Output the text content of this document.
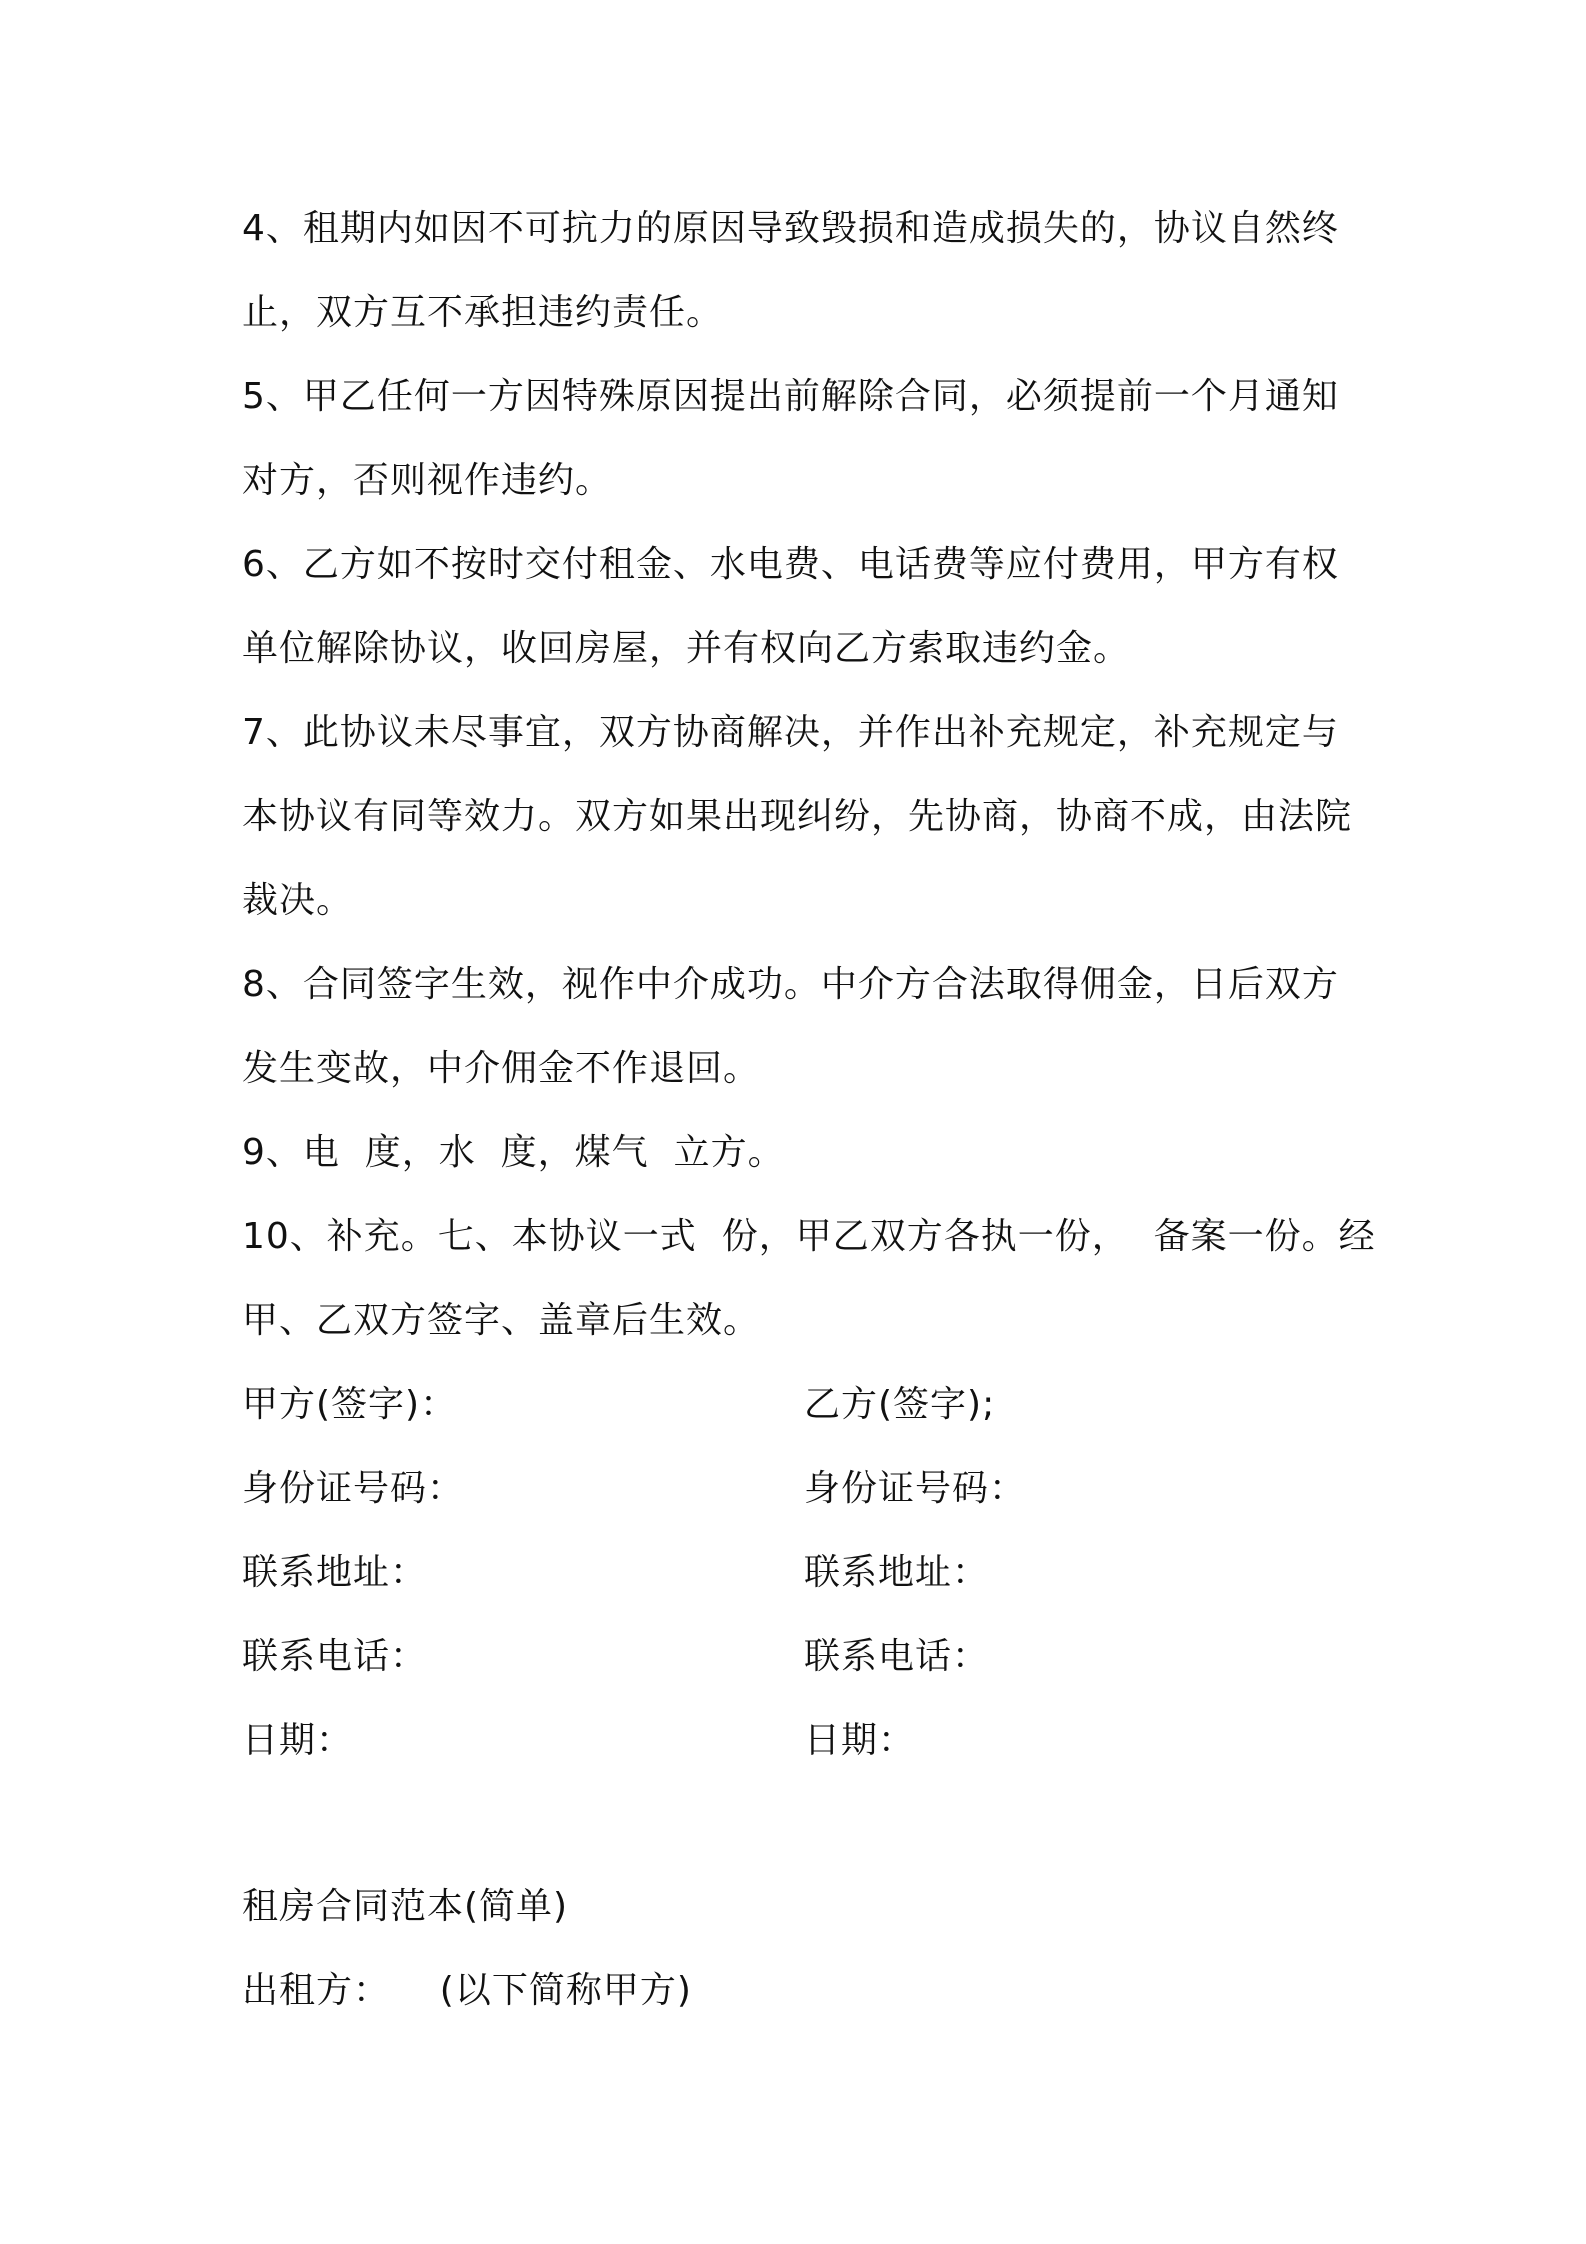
4、租期内如因不可抗力的原因导致毁损和造成损失的，协议自然终
止，双方互不承担违约责任。
5、甲乙任何一方因特殊原因提出前解除合同，必须提前一个月通知
对方，否则视作违约。
6、乙方如不按时交付租金、水电费、电话费等应付费用，甲方有权
单位解除协议，收回房屋，并有权向乙方索取违约金。
7、此协议未尽事宜，双方协商解决，并作出补充规定，补充规定与
本协议有同等效力。双方如果出现纠纷，先协商，协商不成，由法院
裁决。
8、合同签字生效，视作中介成功。中介方合法取得佣金，日后双方
发生变故，中介佣金不作退回。
9、电  度，水  度，煤气  立方。
10、补充。七、本协议一式  份，甲乙双方各执一份，  备案一份。经
甲、乙双方签字、盖章后生效。
甲方(签字)：	乙方(签字);
身份证号码：	身份证号码：
联系地址：	联系地址：
联系电话：	联系电话：
日期：	日期：
租房合同范本(简单)
出租方：    (以下简称甲方)
